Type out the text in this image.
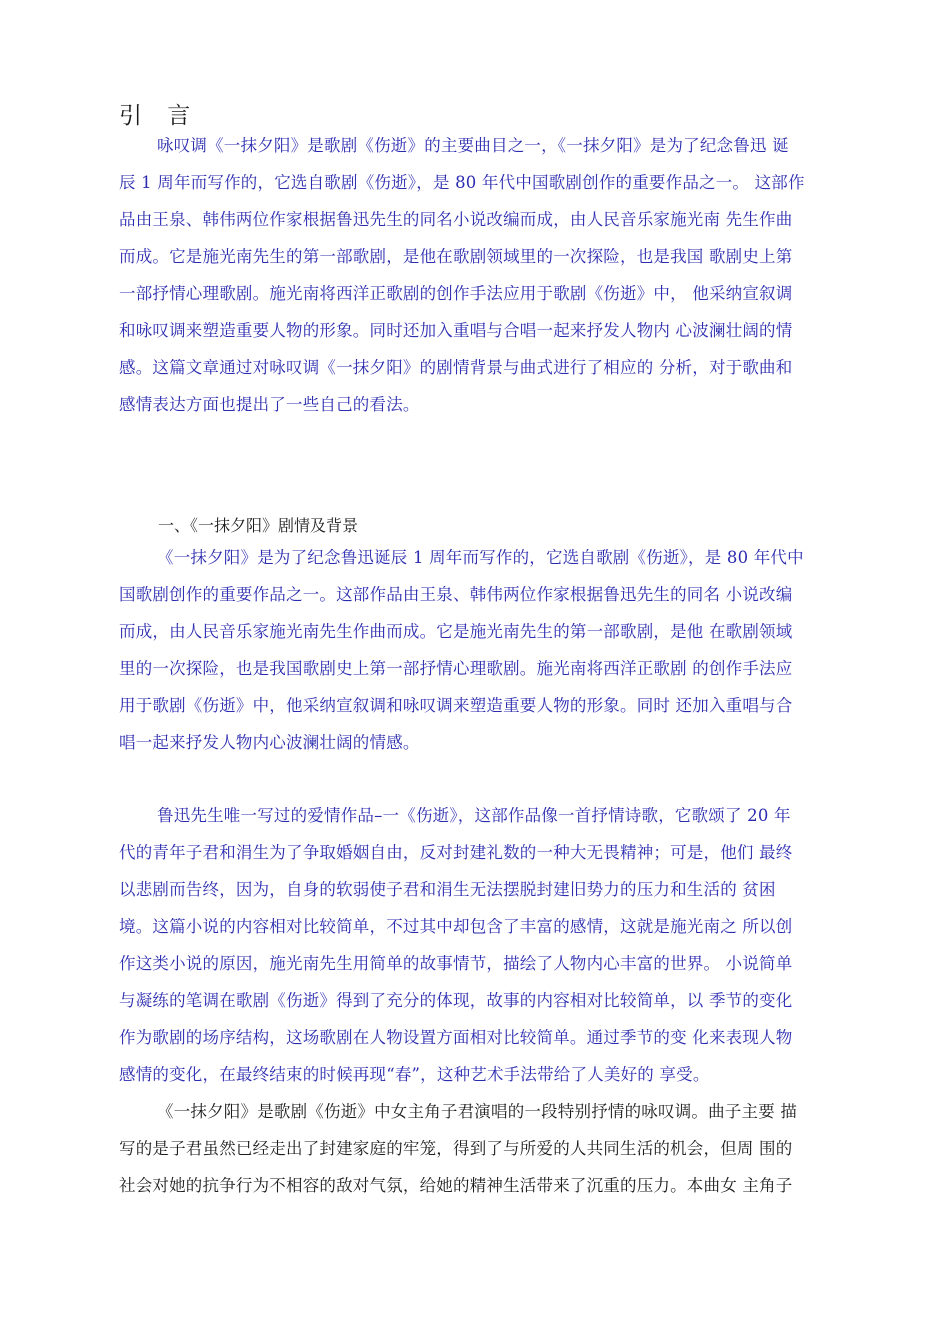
引 言
咏叹调《一抹夕阳》是歌剧《伤逝》的主要曲目之一，《一抹夕阳》是为了纪念鲁迅 诞
辰 1 周年而写作的，它选自歌剧《伤逝》，是 80 年代中国歌剧创作的重要作品之一。 这部作
品由王泉、韩伟两位作家根据鲁迅先生的同名小说改编而成，由人民音乐家施光南 先生作曲
而成。它是施光南先生的第一部歌剧，是他在歌剧领域里的一次探险，也是我国 歌剧史上第
一部抒情心理歌剧。施光南将西洋正歌剧的创作手法应用于歌剧《伤逝》中， 他采纳宣叙调
和咏叹调来塑造重要人物的形象。同时还加入重唱与合唱一起来抒发人物内 心波澜壮阔的情
感。这篇文章通过对咏叹调《一抹夕阳》的剧情背景与曲式进行了相应的 分析，对于歌曲和
感情表达方面也提出了一些自己的看法。
一、《一抹夕阳》剧情及背景
《一抹夕阳》是为了纪念鲁迅诞辰 1 周年而写作的，它选自歌剧《伤逝》，是 80 年代中
国歌剧创作的重要作品之一。这部作品由王泉、韩伟两位作家根据鲁迅先生的同名 小说改编
而成，由人民音乐家施光南先生作曲而成。它是施光南先生的第一部歌剧，是他 在歌剧领域
里的一次探险，也是我国歌剧史上第一部抒情心理歌剧。施光南将西洋正歌剧 的创作手法应
用于歌剧《伤逝》中，他采纳宣叙调和咏叹调来塑造重要人物的形象。同时 还加入重唱与合
唱一起来抒发人物内心波澜壮阔的情感。
鲁迅先生唯一写过的爱情作品–一《伤逝》，这部作品像一首抒情诗歌，它歌颂了 20 年
代的青年子君和涓生为了争取婚姻自由，反对封建礼数的一种大无畏精神；可是，他们 最终
以悲剧而告终，因为，自身的软弱使子君和涓生无法摆脱封建旧势力的压力和生活的 贫困
境。这篇小说的内容相对比较简单，不过其中却包含了丰富的感情，这就是施光南之 所以创
作这类小说的原因，施光南先生用简单的故事情节，描绘了人物内心丰富的世界。 小说简单
与凝练的笔调在歌剧《伤逝》得到了充分的体现，故事的内容相对比较简单，以 季节的变化
作为歌剧的场序结构，这场歌剧在人物设置方面相对比较简单。通过季节的变 化来表现人物
感情的变化，在最终结束的时候再现“春”，这种艺术手法带给了人美好的 享受。
《一抹夕阳》是歌剧《伤逝》中女主角子君演唱的一段特别抒情的咏叹调。曲子主要 描
写的是子君虽然已经走出了封建家庭的牢笼，得到了与所爱的人共同生活的机会，但周 围的
社会对她的抗争行为不相容的敌对气氛，给她的精神生活带来了沉重的压力。本曲女 主角子
